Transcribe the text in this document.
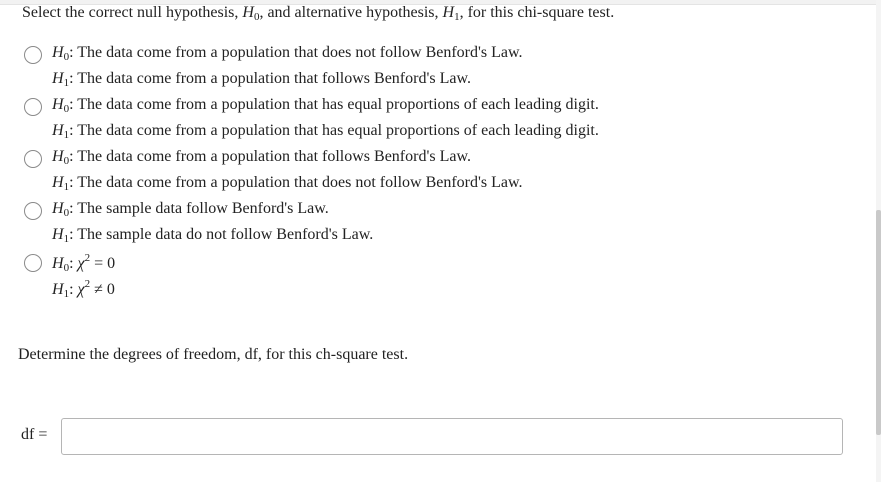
Select the correct null hypothesis, $H_0$, and alternative hypothesis, $H_1$, for this chi-square test.
$H_0$: The data come from a population that does not follow Benford's Law.
$H_1$: The data come from a population that follows Benford's Law.
$H_0$: The data come from a population that has equal proportions of each leading digit.
$H_1$: The data come from a population that has equal proportions of each leading digit.
$H_0$: The data come from a population that follows Benford's Law.
$H_1$: The data come from a population that does not follow Benford's Law.
$H_0$: The sample data follow Benford's Law.
$H_1$: The sample data do not follow Benford's Law.
$H_0$: $\chi^2 = 0$
$H_1$: $\chi^2 \ne 0$
Determine the degrees of freedom, df, for this ch-square test.
df =
